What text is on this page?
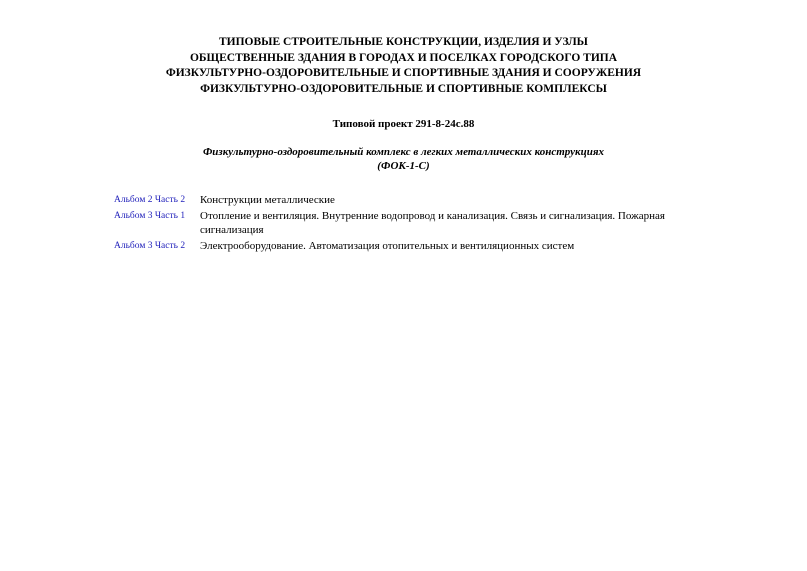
ТИПОВЫЕ СТРОИТЕЛЬНЫЕ КОНСТРУКЦИИ, ИЗДЕЛИЯ И УЗЛЫ
ОБЩЕСТВЕННЫЕ ЗДАНИЯ В ГОРОДАХ И ПОСЕЛКАХ ГОРОДСКОГО ТИПА
ФИЗКУЛЬТУРНО-ОЗДОРОВИТЕЛЬНЫЕ И СПОРТИВНЫЕ ЗДАНИЯ И СООРУЖЕНИЯ
ФИЗКУЛЬТУРНО-ОЗДОРОВИТЕЛЬНЫЕ И СПОРТИВНЫЕ КОМПЛЕКСЫ
Типовой проект 291-8-24с.88
Физкультурно-оздоровительный комплекс в легких металлических конструкциях
(ФОК-1-С)
Альбом 2 Часть 2	Конструкции металлические
Альбом 3 Часть 1	Отопление и вентиляция. Внутренние водопровод и канализация. Связь и сигнализация. Пожарная сигнализация
Альбом 3 Часть 2	Электрооборудование. Автоматизация отопительных и вентиляционных систем
